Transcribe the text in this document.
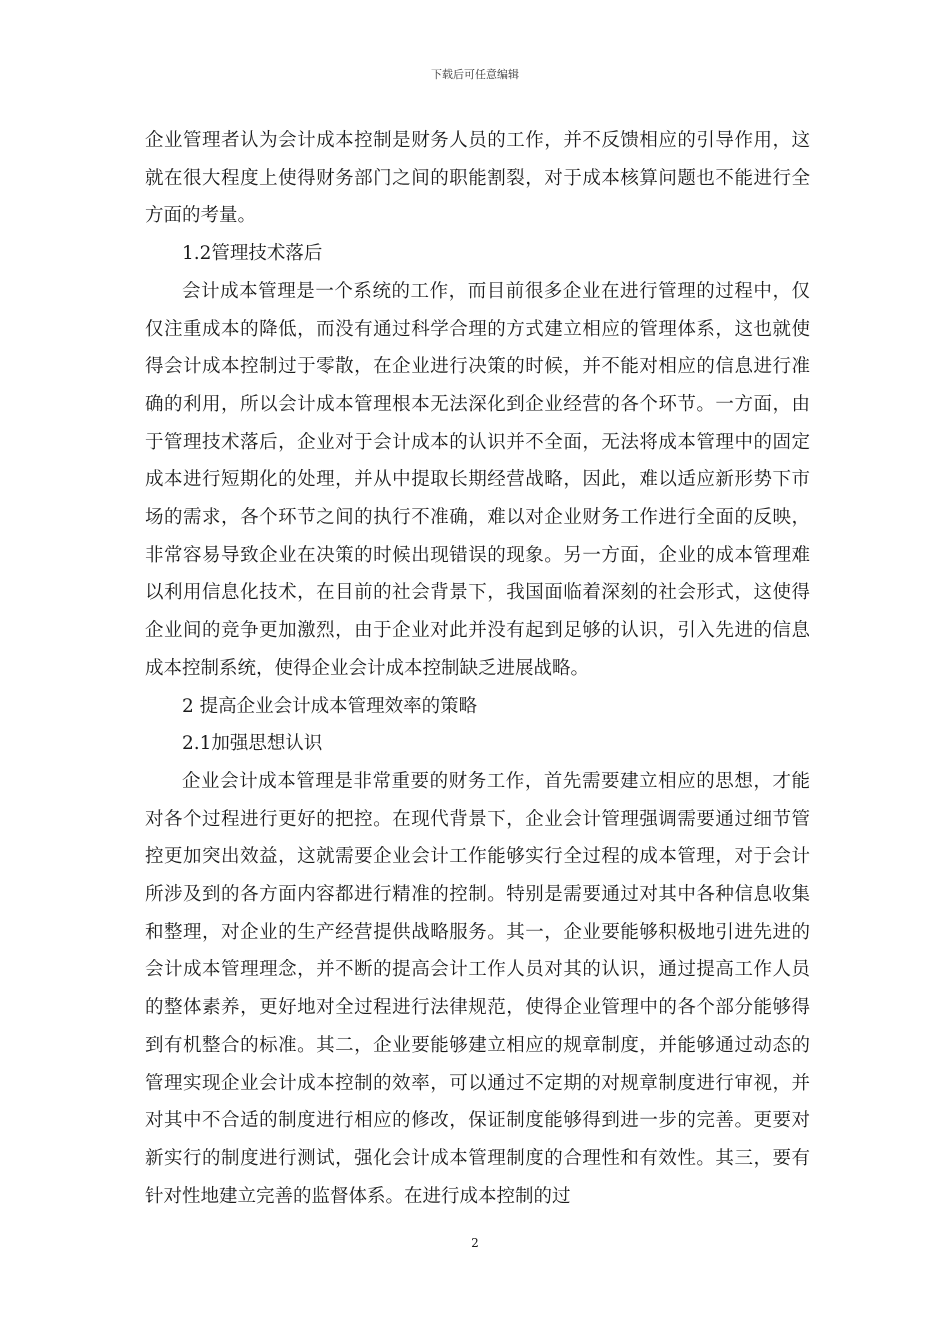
下载后可任意编辑

企业管理者认为会计成本控制是财务人员的工作，并不反馈相应的引导作用，这就在很大程度上使得财务部门之间的职能割裂，对于成本核算问题也不能进行全方面的考量。

1.2管理技术落后

会计成本管理是一个系统的工作，而目前很多企业在进行管理的过程中，仅仅注重成本的降低，而没有通过科学合理的方式建立相应的管理体系，这也就使得会计成本控制过于零散，在企业进行决策的时候，并不能对相应的信息进行准确的利用，所以会计成本管理根本无法深化到企业经营的各个环节。一方面，由于管理技术落后，企业对于会计成本的认识并不全面，无法将成本管理中的固定成本进行短期化的处理，并从中提取长期经营战略，因此，难以适应新形势下市场的需求，各个环节之间的执行不准确，难以对企业财务工作进行全面的反映，非常容易导致企业在决策的时候出现错误的现象。另一方面，企业的成本管理难以利用信息化技术，在目前的社会背景下，我国面临着深刻的社会形式，这使得企业间的竞争更加激烈，由于企业对此并没有起到足够的认识，引入先进的信息成本控制系统，使得企业会计成本控制缺乏进展战略。

2 提高企业会计成本管理效率的策略

2.1加强思想认识

企业会计成本管理是非常重要的财务工作，首先需要建立相应的思想，才能对各个过程进行更好的把控。在现代背景下，企业会计管理强调需要通过细节管控更加突出效益，这就需要企业会计工作能够实行全过程的成本管理，对于会计所涉及到的各方面内容都进行精准的控制。特别是需要通过对其中各种信息收集和整理，对企业的生产经营提供战略服务。其一，企业要能够积极地引进先进的会计成本管理理念，并不断的提高会计工作人员对其的认识，通过提高工作人员的整体素养，更好地对全过程进行法律规范，使得企业管理中的各个部分能够得到有机整合的标准。其二，企业要能够建立相应的规章制度，并能够通过动态的管理实现企业会计成本控制的效率，可以通过不定期的对规章制度进行审视，并对其中不合适的制度进行相应的修改，保证制度能够得到进一步的完善。更要对新实行的制度进行测试，强化会计成本管理制度的合理性和有效性。其三，要有针对性地建立完善的监督体系。在进行成本控制的过

2
